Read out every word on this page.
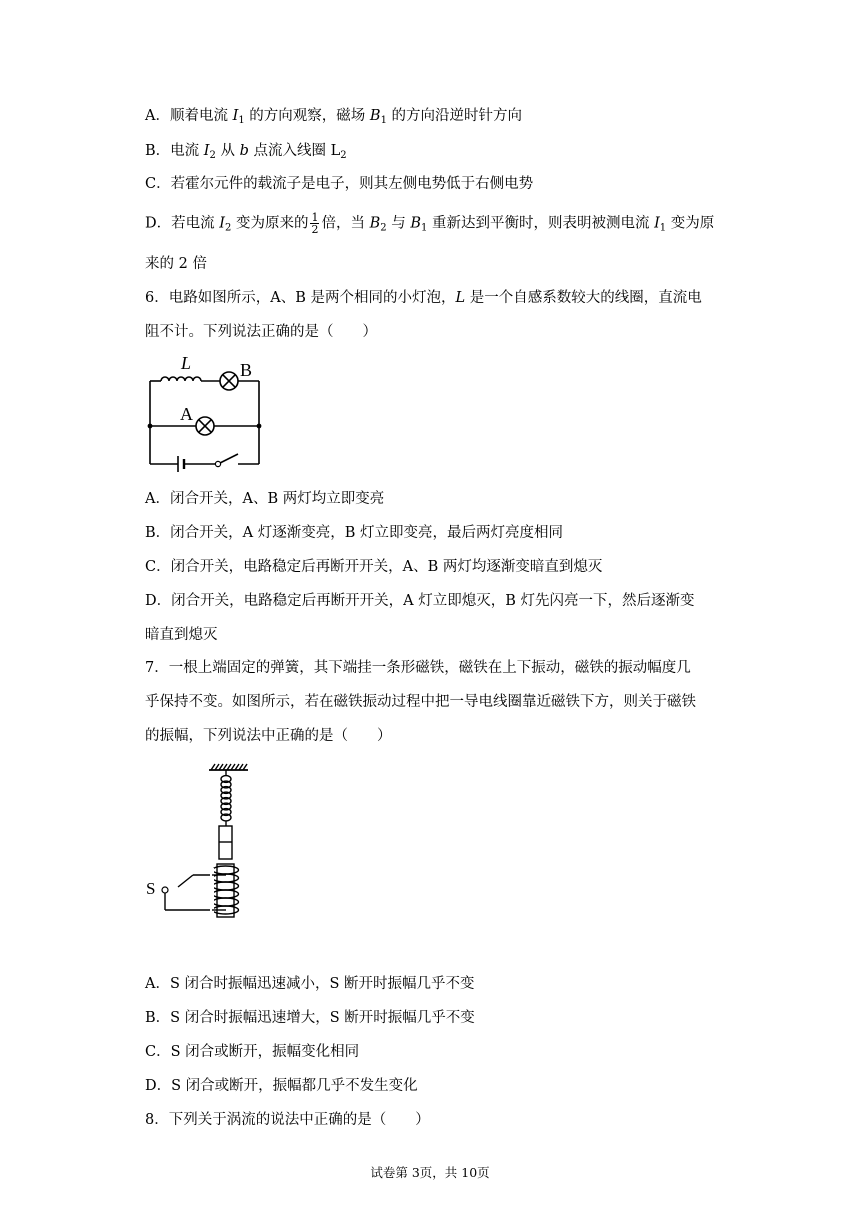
A．顺着电流 $I_1$ 的方向观察，磁场 $B_1$ 的方向沿逆时针方向
B．电流 $I_2$ 从 b 点流入线圈 $L_2$
C．若霍尔元件的载流子是电子，则其左侧电势低于右侧电势
D．若电流 $I_2$ 变为原来的 $\frac{1}{2}$ 倍，当 $B_2$ 与 $B_1$ 重新达到平衡时，则表明被测电流 $I_1$ 变为原
来的 2 倍
6．电路如图所示，A、B 是两个相同的小灯泡，L 是一个自感系数较大的线圈，直流电
阻不计。下列说法正确的是（　　）
L	B
A
A．闭合开关，A、B 两灯均立即变亮
B．闭合开关，A 灯逐渐变亮，B 灯立即变亮，最后两灯亮度相同
C．闭合开关，电路稳定后再断开开关，A、B 两灯均逐渐变暗直到熄灭
D．闭合开关，电路稳定后再断开开关，A 灯立即熄灭，B 灯先闪亮一下，然后逐渐变
暗直到熄灭
7．一根上端固定的弹簧，其下端挂一条形磁铁，磁铁在上下振动，磁铁的振动幅度几
乎保持不变。如图所示，若在磁铁振动过程中把一导电线圈靠近磁铁下方，则关于磁铁
的振幅，下列说法中正确的是（　　）
S
A．S 闭合时振幅迅速减小，S 断开时振幅几乎不变
B．S 闭合时振幅迅速增大，S 断开时振幅几乎不变
C．S 闭合或断开，振幅变化相同
D．S 闭合或断开，振幅都几乎不发生变化
8．下列关于涡流的说法中正确的是（　　）
试卷第 3页，共 10页
